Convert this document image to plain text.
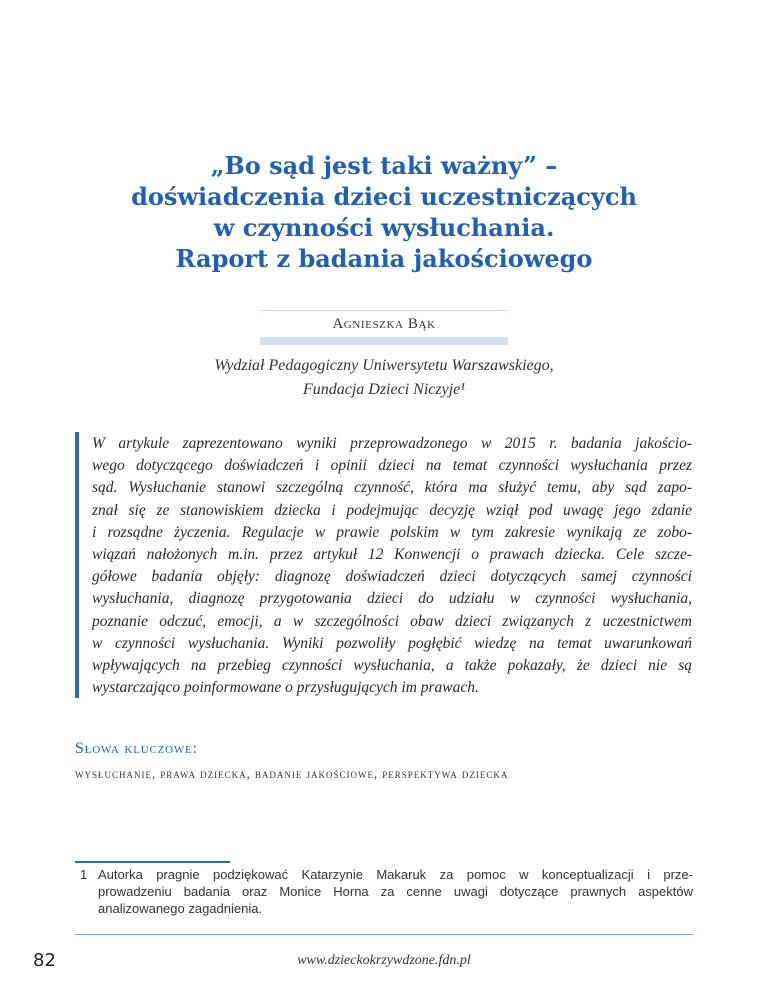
„Bo sąd jest taki ważny” –
doświadczenia dzieci uczestniczących
w czynności wysłuchania.
Raport z badania jakościowego
Agnieszka Bąk
Wydział Pedagogiczny Uniwersytetu Warszawskiego,
Fundacja Dzieci Niczyje¹
W artykule zaprezentowano wyniki przeprowadzonego w 2015 r. badania jakościo-
wego dotyczącego doświadczeń i opinii dzieci na temat czynności wysłuchania przez
sąd. Wysłuchanie stanowi szczególną czynność, która ma służyć temu, aby sąd zapo-
znał się ze stanowiskiem dziecka i podejmując decyzję wziął pod uwagę jego zdanie
i rozsądne życzenia. Regulacje w prawie polskim w tym zakresie wynikają ze zobo-
wiązań nałożonych m.in. przez artykuł 12 Konwencji o prawach dziecka. Cele szcze-
gółowe badania objęły: diagnozę doświadczeń dzieci dotyczących samej czynności
wysłuchania, diagnozę przygotowania dzieci do udziału w czynności wysłuchania,
poznanie odczuć, emocji, a w szczególności obaw dzieci związanych z uczestnictwem
w czynności wysłuchania. Wyniki pozwoliły pogłębić wiedzę na temat uwarunkowań
wpływających na przebieg czynności wysłuchania, a także pokazały, że dzieci nie są
wystarczająco poinformowane o przysługujących im prawach.
Słowa kluczowe:
wysłuchanie, prawa dziecka, badanie jakościowe, perspektywa dziecka
1 Autorka pragnie podziękować Katarzynie Makaruk za pomoc w konceptualizacji i prze-
prowadzeniu badania oraz Monice Horna za cenne uwagi dotyczące prawnych aspektów
analizowanego zagadnienia.
82	www.dzieckokrzywdzone.fdn.pl
